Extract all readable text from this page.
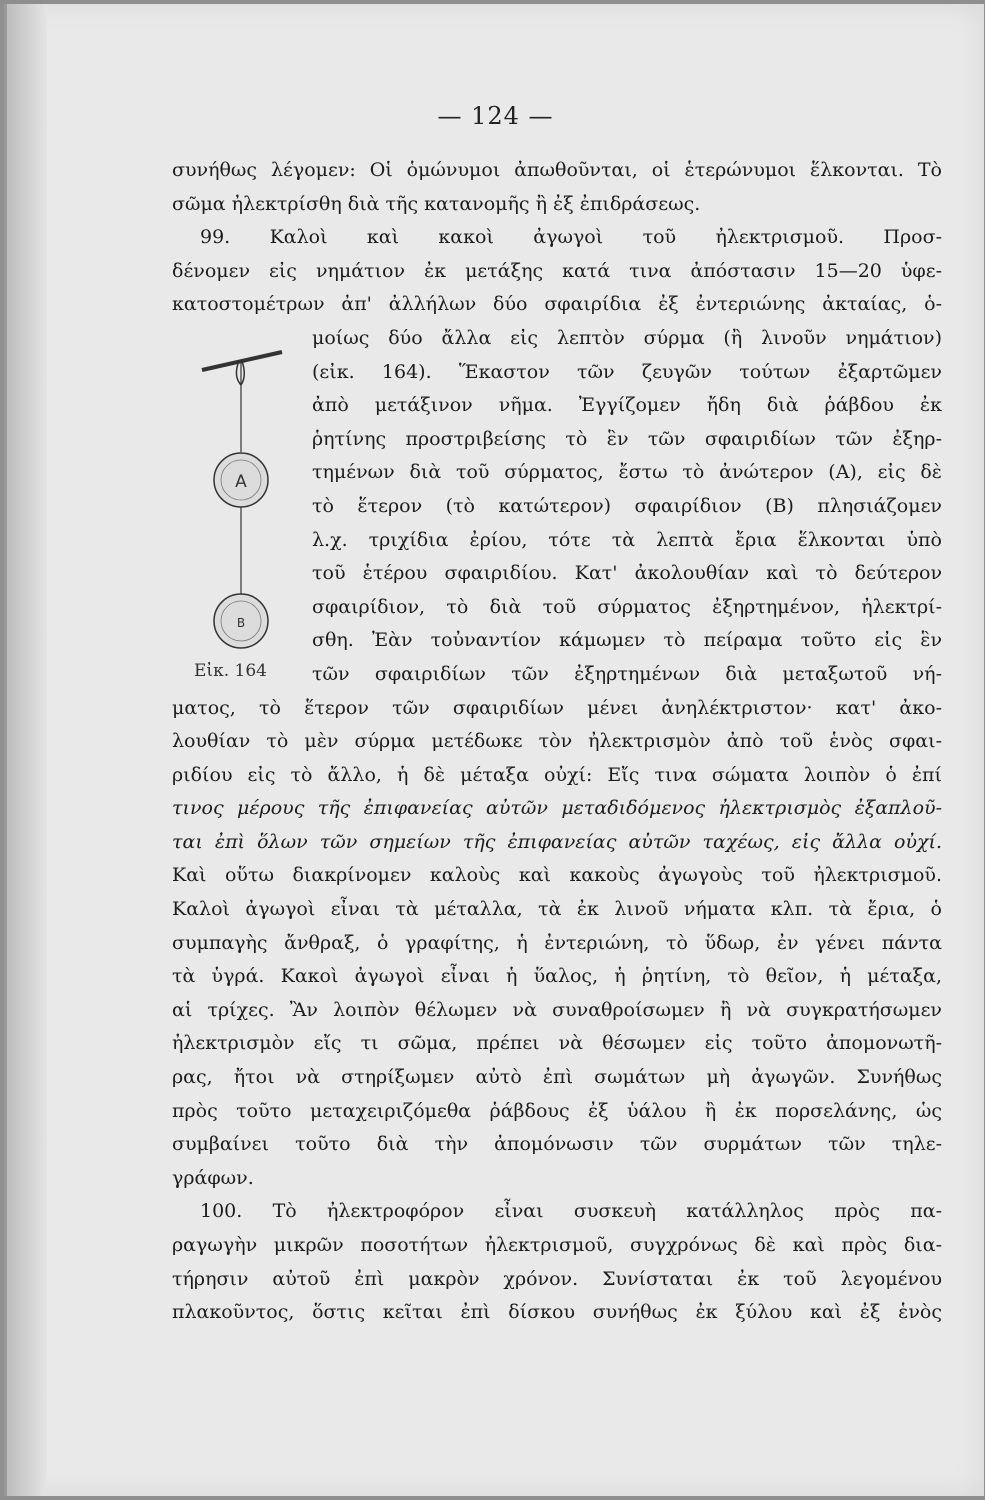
— 124 —
A
B
Εἰκ. 164
συνήθως λέγομεν: Οἱ ὁμώνυμοι ἀπωθοῦνται, οἱ ἑτερώνυμοι ἕλκονται. Τὸ
σῶμα ἠλεκτρίσθη διὰ τῆς κατανομῆς ἢ ἐξ ἐπιδράσεως.
99. Καλοὶ καὶ κακοὶ ἀγωγοὶ τοῦ ἠλεκτρισμοῦ. Προσ-
δένομεν εἰς νημάτιον ἐκ μετάξης κατά τινα ἀπόστασιν 15—20 ὑφε-
κατοστομέτρων ἀπ' ἀλλήλων δύο σφαιρίδια ἐξ ἐντεριώνης ἀκταίας, ὁ-
μοίως δύο ἄλλα εἰς λεπτὸν σύρμα (ἢ λινοῦν νημάτιον)
(εἰκ. 164). Ἕκαστον τῶν ζευγῶν τούτων ἐξαρτῶμεν
ἀπὸ μετάξινον νῆμα. Ἐγγίζομεν ἤδη διὰ ῥάβδου ἐκ
ῥητίνης προστριβείσης τὸ ἓν τῶν σφαιριδίων τῶν ἐξηρ-
τημένων διὰ τοῦ σύρματος, ἔστω τὸ ἀνώτερον (Α), εἰς δὲ
τὸ ἕτερον (τὸ κατώτερον) σφαιρίδιον (Β) πλησιάζομεν
λ.χ. τριχίδια ἐρίου, τότε τὰ λεπτὰ ἔρια ἕλκονται ὑπὸ
τοῦ ἑτέρου σφαιριδίου. Κατ' ἀκολουθίαν καὶ τὸ δεύτερον
σφαιρίδιον, τὸ διὰ τοῦ σύρματος ἐξηρτημένον, ἠλεκτρί-
σθη. Ἐὰν τοὐναντίον κάμωμεν τὸ πείραμα τοῦτο εἰς ἓν
τῶν σφαιριδίων τῶν ἐξηρτημένων διὰ μεταξωτοῦ νή-
ματος, τὸ ἕτερον τῶν σφαιριδίων μένει ἀνηλέκτριστον· κατ' ἀκο-
λουθίαν τὸ μὲν σύρμα μετέδωκε τὸν ἠλεκτρισμὸν ἀπὸ τοῦ ἑνὸς σφαι-
ριδίου εἰς τὸ ἄλλο, ἡ δὲ μέταξα οὐχί: Εἴς τινα σώματα λοιπὸν ὁ ἐπί
τινος μέρους τῆς ἐπιφανείας αὐτῶν μεταδιδόμενος ἠλεκτρισμὸς ἐξαπλοῦ-
ται ἐπὶ ὅλων τῶν σημείων τῆς ἐπιφανείας αὐτῶν ταχέως, εἰς ἄλλα οὐχί.
Καὶ οὕτω διακρίνομεν καλοὺς καὶ κακοὺς ἀγωγοὺς τοῦ ἠλεκτρισμοῦ.
Καλοὶ ἀγωγοὶ εἶναι τὰ μέταλλα, τὰ ἐκ λινοῦ νήματα κλπ. τὰ ἔρια, ὁ
συμπαγὴς ἄνθραξ, ὁ γραφίτης, ἡ ἐντεριώνη, τὸ ὕδωρ, ἐν γένει πάντα
τὰ ὑγρά. Κακοὶ ἀγωγοὶ εἶναι ἡ ὕαλος, ἡ ῥητίνη, τὸ θεῖον, ἡ μέταξα,
αἱ τρίχες. Ἂν λοιπὸν θέλωμεν νὰ συναθροίσωμεν ἢ νὰ συγκρατήσωμεν
ἠλεκτρισμὸν εἴς τι σῶμα, πρέπει νὰ θέσωμεν εἰς τοῦτο ἀπομονωτῆ-
ρας, ἤτοι νὰ στηρίξωμεν αὐτὸ ἐπὶ σωμάτων μὴ ἀγωγῶν. Συνήθως
πρὸς τοῦτο μεταχειριζόμεθα ῥάβδους ἐξ ὑάλου ἢ ἐκ πορσελάνης, ὡς
συμβαίνει τοῦτο διὰ τὴν ἀπομόνωσιν τῶν συρμάτων τῶν τηλε-
γράφων.
100. Τὸ ἠλεκτροφόρον εἶναι συσκευὴ κατάλληλος πρὸς πα-
ραγωγὴν μικρῶν ποσοτήτων ἠλεκτρισμοῦ, συγχρόνως δὲ καὶ πρὸς δια-
τήρησιν αὐτοῦ ἐπὶ μακρὸν χρόνον. Συνίσταται ἐκ τοῦ λεγομένου
πλακοῦντος, ὅστις κεῖται ἐπὶ δίσκου συνήθως ἐκ ξύλου καὶ ἐξ ἑνὸς
